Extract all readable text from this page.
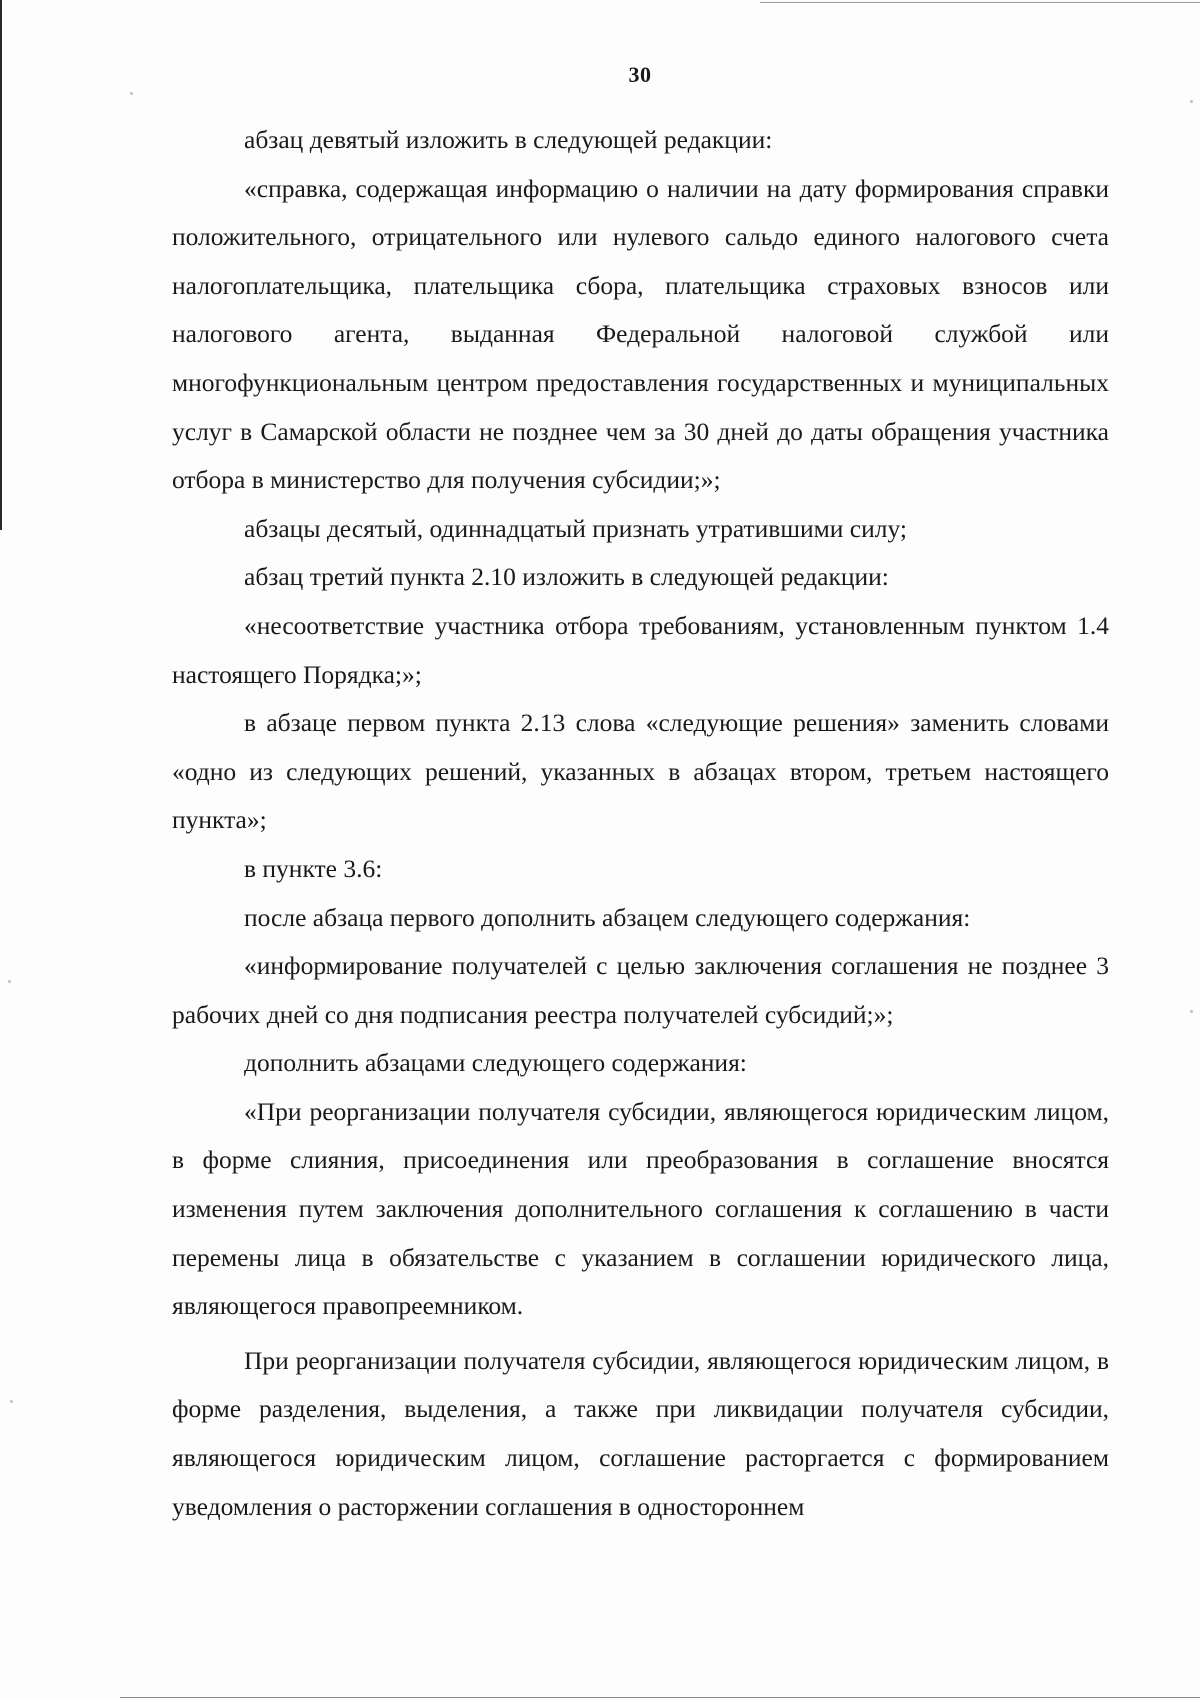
30

абзац девятый изложить в следующей редакции:

«справка, содержащая информацию о наличии на дату формирования справки положительного, отрицательного или нулевого сальдо единого налогового счета налогоплательщика, плательщика сбора, плательщика страховых взносов или налогового агента, выданная Федеральной налоговой службой или многофункциональным центром предоставления государственных и муниципальных услуг в Самарской области не позднее чем за 30 дней до даты обращения участника отбора в министерство для получения субсидии;»;

абзацы десятый, одиннадцатый признать утратившими силу;

абзац третий пункта 2.10 изложить в следующей редакции:

«несоответствие участника отбора требованиям, установленным пунктом 1.4 настоящего Порядка;»;

в абзаце первом пункта 2.13 слова «следующие решения» заменить словами «одно из следующих решений, указанных в абзацах втором, третьем настоящего пункта»;

в пункте 3.6:

после абзаца первого дополнить абзацем следующего содержания:

«информирование получателей с целью заключения соглашения не позднее 3 рабочих дней со дня подписания реестра получателей субсидий;»;

дополнить абзацами следующего содержания:

«При реорганизации получателя субсидии, являющегося юридическим лицом, в форме слияния, присоединения или преобразования в соглашение вносятся изменения путем заключения дополнительного соглашения к соглашению в части перемены лица в обязательстве с указанием в соглашении юридического лица, являющегося правопреемником.

При реорганизации получателя субсидии, являющегося юридическим лицом, в форме разделения, выделения, а также при ликвидации получателя субсидии, являющегося юридическим лицом, соглашение расторгается с формированием уведомления о расторжении соглашения в одностороннем
